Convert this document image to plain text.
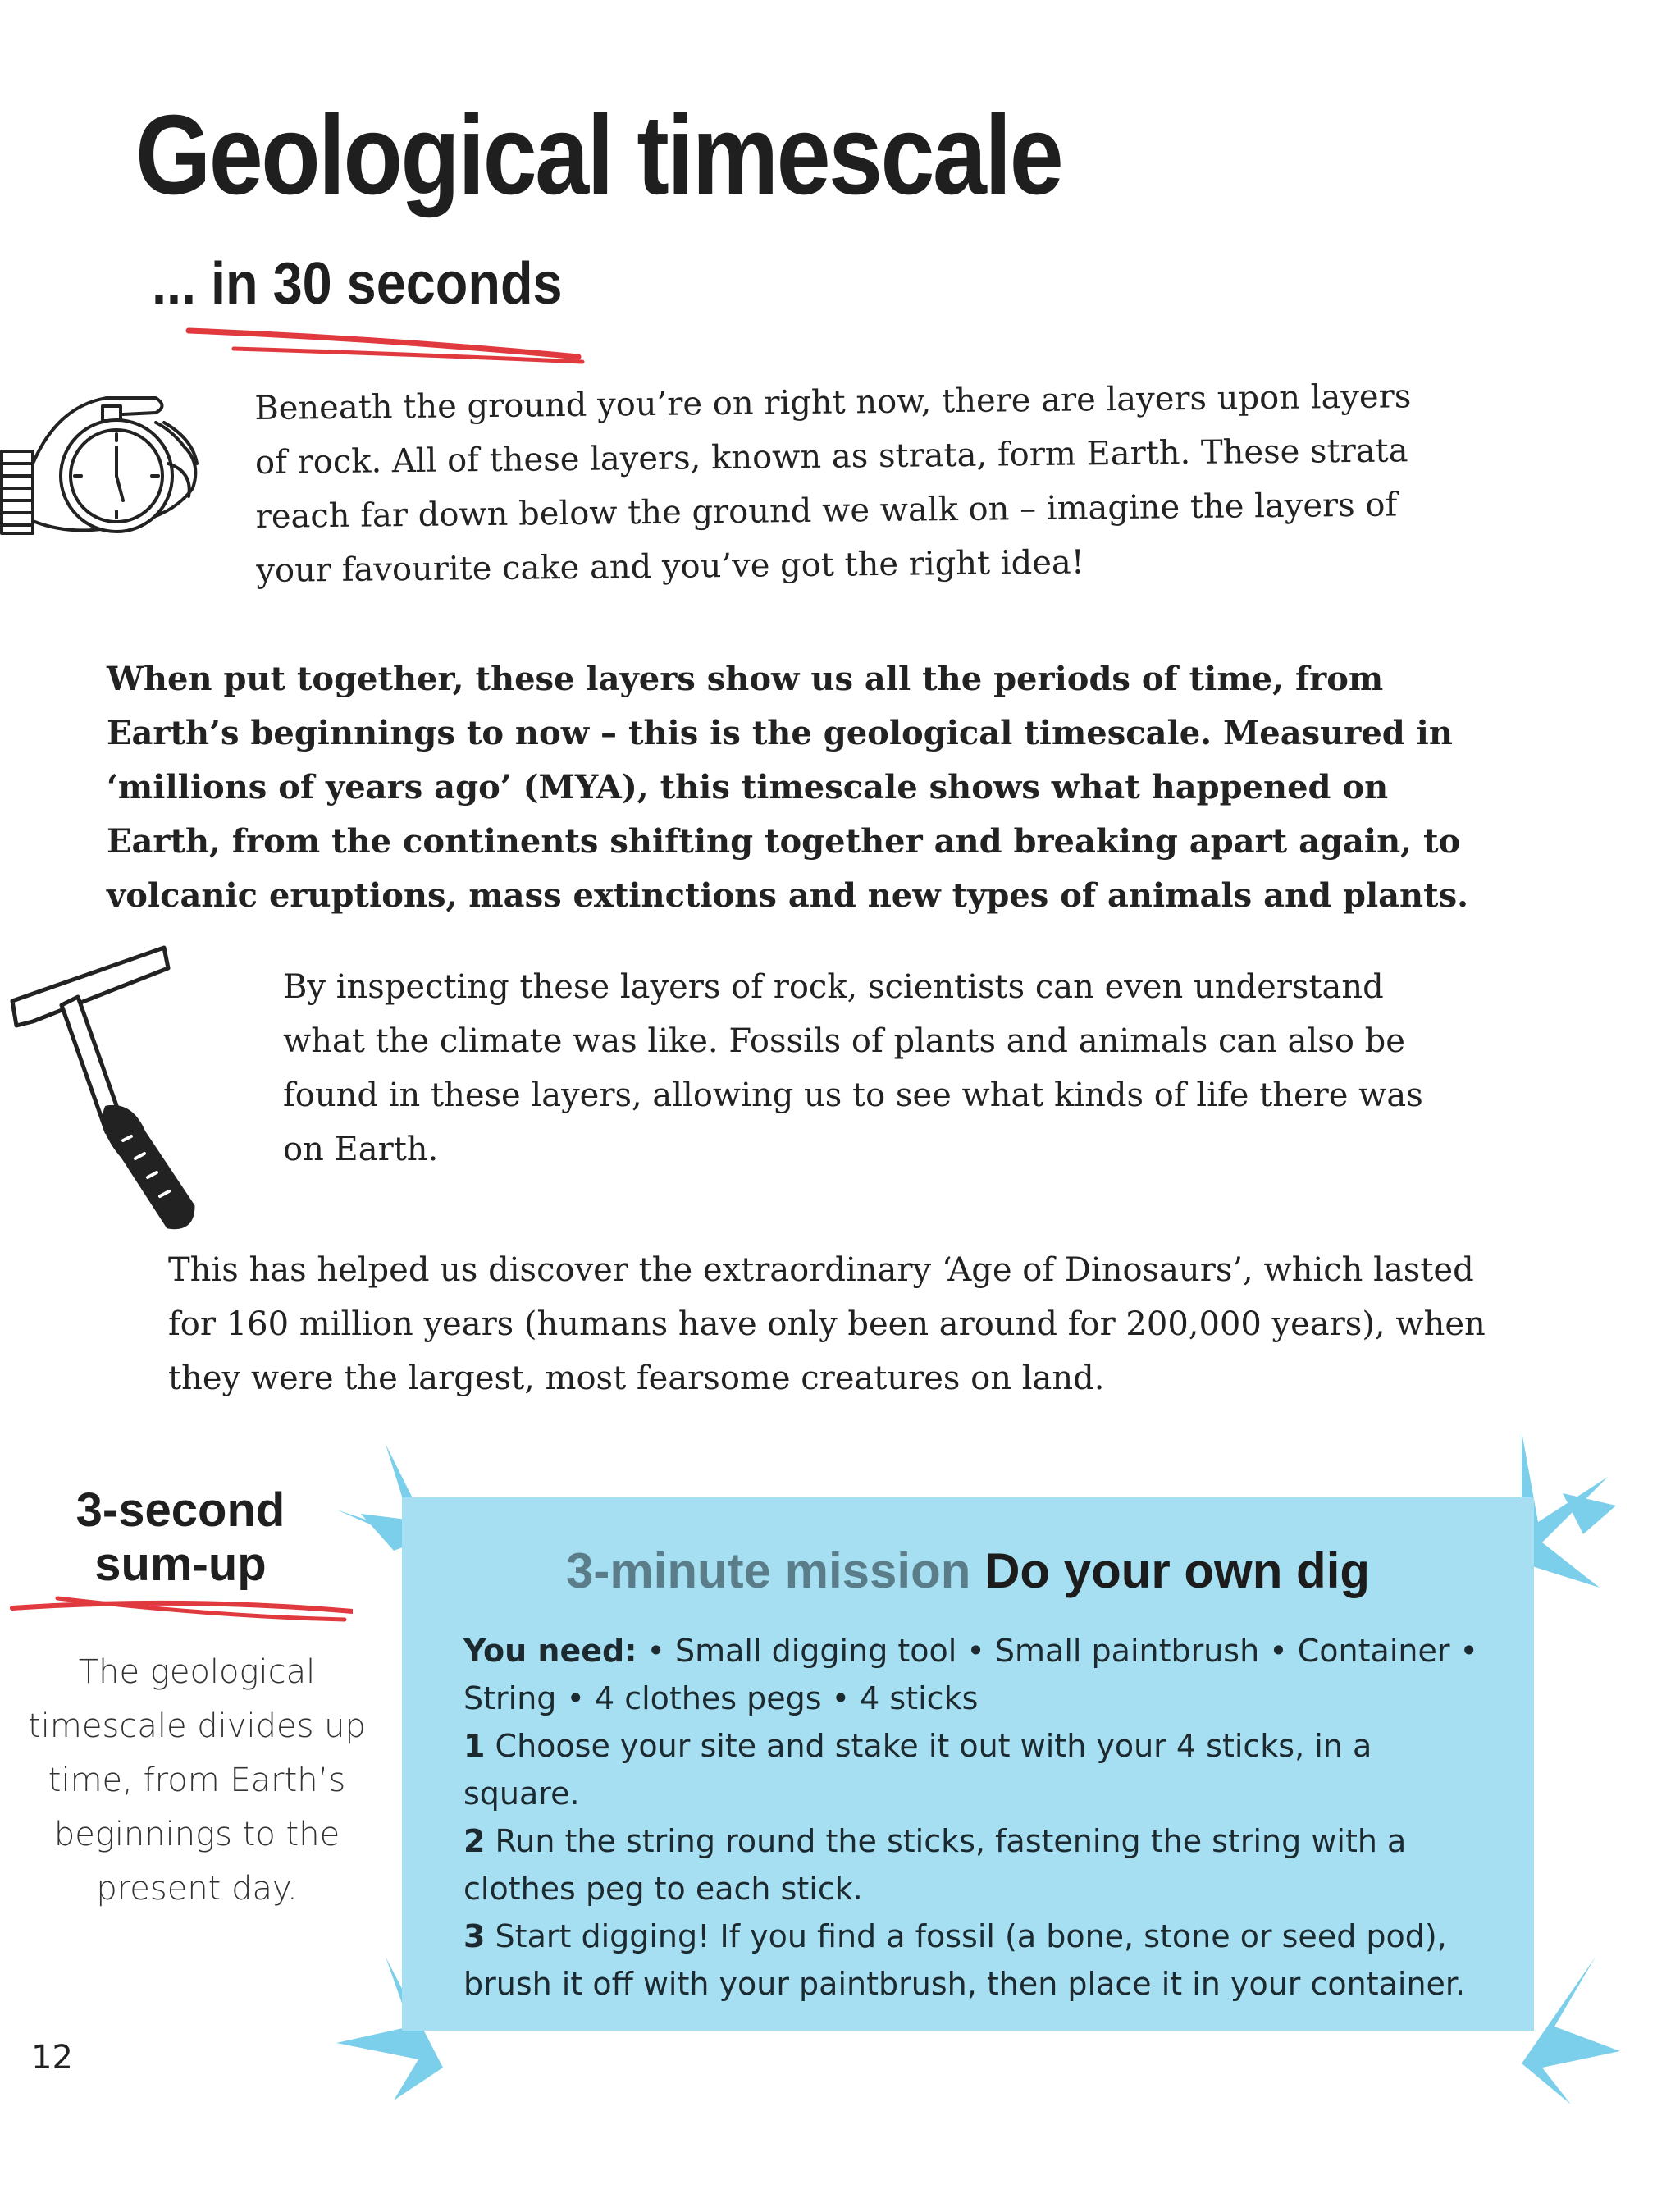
Geological timescale
... in 30 seconds

Beneath the ground you’re on right now, there are layers upon layers of rock. All of these layers, known as strata, form Earth. These strata reach far down below the ground we walk on – imagine the layers of your favourite cake and you’ve got the right idea!

When put together, these layers show us all the periods of time, from Earth’s beginnings to now – this is the geological timescale. Measured in ‘millions of years ago’ (MYA), this timescale shows what happened on Earth, from the continents shifting together and breaking apart again, to volcanic eruptions, mass extinctions and new types of animals and plants.

By inspecting these layers of rock, scientists can even understand what the climate was like. Fossils of plants and animals can also be found in these layers, allowing us to see what kinds of life there was on Earth.

This has helped us discover the extraordinary ‘Age of Dinosaurs’, which lasted for 160 million years (humans have only been around for 200,000 years), when they were the largest, most fearsome creatures on land.

3-second sum-up

The geological timescale divides up time, from Earth’s beginnings to the present day.

3-minute mission Do your own dig

You need: • Small digging tool • Small paintbrush • Container • String • 4 clothes pegs • 4 sticks

1 Choose your site and stake it out with your 4 sticks, in a square.

2 Run the string round the sticks, fastening the string with a clothes peg to each stick.

3 Start digging! If you find a fossil (a bone, stone or seed pod), brush it off with your paintbrush, then place it in your container.

12
